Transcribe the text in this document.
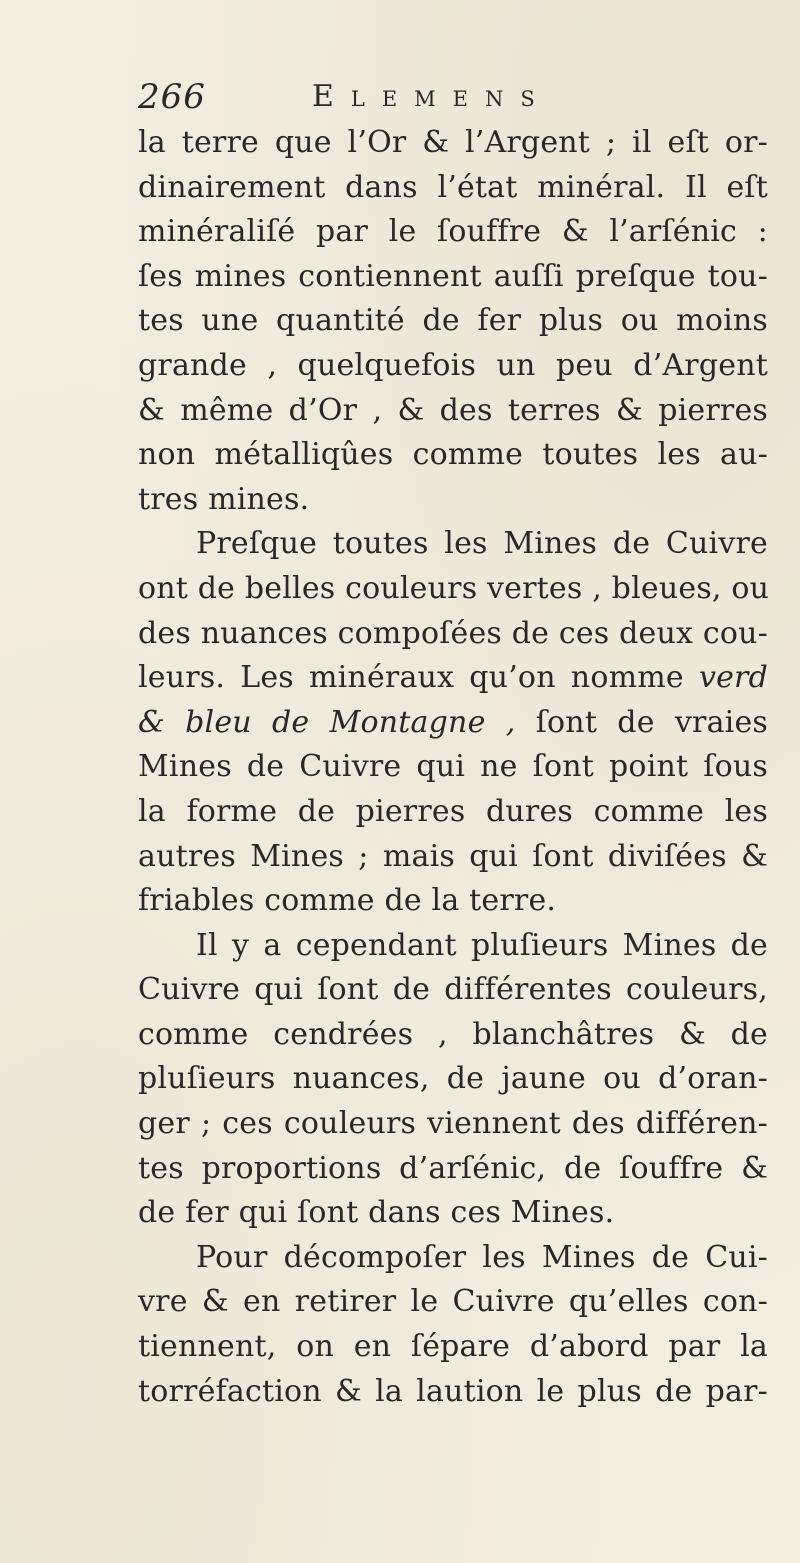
266	Elemens
la terre que l’Or & l’Argent ; il eſt or-
dinairement dans l’état minéral. Il eſt
minéraliſé par le ſouffre & l’arſénic :
ſes mines contiennent auſſi preſque tou-
tes une quantité de fer plus ou moins
grande , quelquefois un peu d’Argent
& même d’Or , & des terres & pierres
non métalliqûes comme toutes les au-
tres mines.
Preſque toutes les Mines de Cuivre
ont de belles couleurs vertes , bleues, ou
des nuances compoſées de ces deux cou-
leurs. Les minéraux qu’on nomme verd
& bleu de Montagne , ſont de vraies
Mines de Cuivre qui ne ſont point ſous
la forme de pierres dures comme les
autres Mines ; mais qui ſont diviſées &
friables comme de la terre.
Il y a cependant pluſieurs Mines de
Cuivre qui ſont de différentes couleurs,
comme cendrées , blanchâtres & de
pluſieurs nuances, de jaune ou d’oran-
ger ; ces couleurs viennent des différen-
tes proportions d’arſénic, de ſouffre &
de fer qui ſont dans ces Mines.
Pour décompoſer les Mines de Cui-
vre & en retirer le Cuivre qu’elles con-
tiennent, on en ſépare d’abord par la
torréfaction & la laution le plus de par-
